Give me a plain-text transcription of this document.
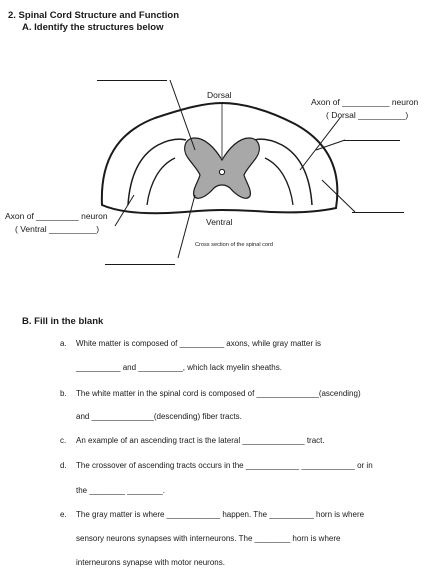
2. Spinal Cord Structure and Function
A. Identify the structures below
Dorsal
Ventral
Cross section of the spinal cord
Axon of __________ neuron
( Dorsal __________)
Axon of _________ neuron
( Ventral __________)
B. Fill in the blank
a. White matter is composed of __________ axons, while gray matter is
__________ and __________, which lack myelin sheaths.
b. The white matter in the spinal cord is composed of ______________(ascending)
and ______________(descending) fiber tracts.
c. An example of an ascending tract is the lateral ______________ tract.
d. The crossover of ascending tracts occurs in the ____________ ____________ or in
the ________ ________.
e. The gray matter is where ____________ happen. The __________ horn is where
sensory neurons synapses with interneurons. The ________ horn is where
interneurons synapse with motor neurons.
